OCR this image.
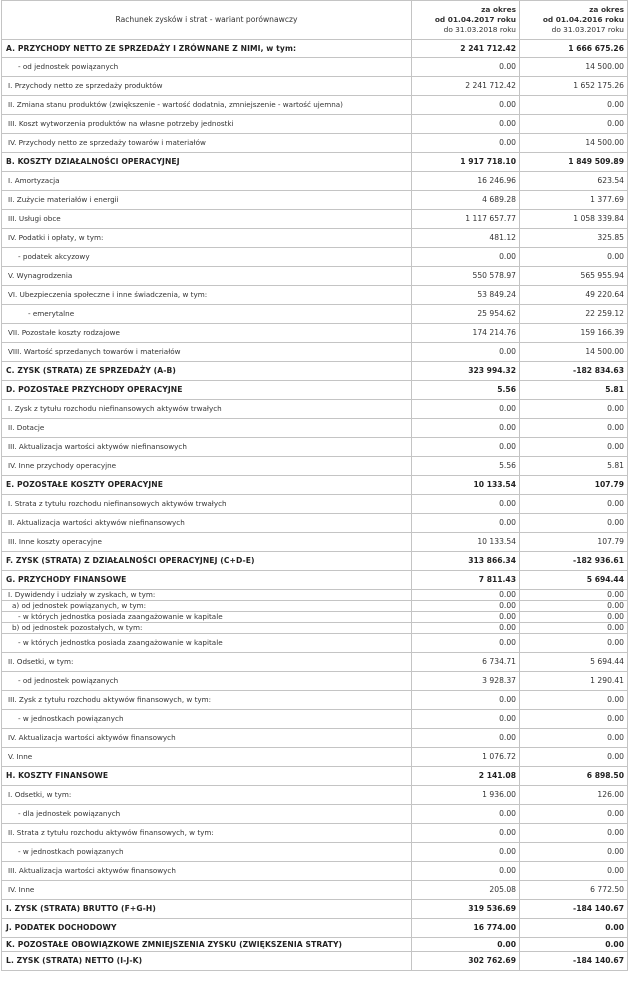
Rachunek zysków i strat - wariant porównawczy	za okres
od 01.04.2017 roku
do 31.03.2018 roku	za okres
od 01.04.2016 roku
do 31.03.2017 roku

A. PRZYCHODY NETTO ZE SPRZEDAŻY I ZRÓWNANE Z NIMI, w tym:	2 241 712.42	1 666 675.26
- od jednostek powiązanych	0.00	14 500.00
I. Przychody netto ze sprzedaży produktów	2 241 712.42	1 652 175.26
II. Zmiana stanu produktów (zwiększenie - wartość dodatnia, zmniejszenie - wartość ujemna)	0.00	0.00
III. Koszt wytworzenia produktów na własne potrzeby jednostki	0.00	0.00
IV. Przychody netto ze sprzedaży towarów i materiałów	0.00	14 500.00
B. KOSZTY DZIAŁALNOŚCI OPERACYJNEJ	1 917 718.10	1 849 509.89
I. Amortyzacja	16 246.96	623.54
II. Zużycie materiałów i energii	4 689.28	1 377.69
III. Usługi obce	1 117 657.77	1 058 339.84
IV. Podatki i opłaty, w tym:	481.12	325.85
- podatek akcyzowy	0.00	0.00
V. Wynagrodzenia	550 578.97	565 955.94
VI. Ubezpieczenia społeczne i inne świadczenia, w tym:	53 849.24	49 220.64
- emerytalne	25 954.62	22 259.12
VII. Pozostałe koszty rodzajowe	174 214.76	159 166.39
VIII. Wartość sprzedanych towarów i materiałów	0.00	14 500.00
C. ZYSK (STRATA) ZE SPRZEDAŻY (A-B)	323 994.32	-182 834.63
D. POZOSTAŁE PRZYCHODY OPERACYJNE	5.56	5.81
I. Zysk z tytułu rozchodu niefinansowych aktywów trwałych	0.00	0.00
II. Dotacje	0.00	0.00
III. Aktualizacja wartości aktywów niefinansowych	0.00	0.00
IV. Inne przychody operacyjne	5.56	5.81
E. POZOSTAŁE KOSZTY OPERACYJNE	10 133.54	107.79
I. Strata z tytułu rozchodu niefinansowych aktywów trwałych	0.00	0.00
II. Aktualizacja wartości aktywów niefinansowych	0.00	0.00
III. Inne koszty operacyjne	10 133.54	107.79
F. ZYSK (STRATA) Z DZIAŁALNOŚCI OPERACYJNEJ (C+D-E)	313 866.34	-182 936.61
G. PRZYCHODY FINANSOWE	7 811.43	5 694.44
I. Dywidendy i udziały w zyskach, w tym:	0.00	0.00
a) od jednostek powiązanych, w tym:	0.00	0.00
- w których jednostka posiada zaangażowanie w kapitale	0.00	0.00
b) od jednostek pozostałych, w tym:	0.00	0.00
- w których jednostka posiada zaangażowanie w kapitale	0.00	0.00
II. Odsetki, w tym:	6 734.71	5 694.44
- od jednostek powiązanych	3 928.37	1 290.41
III. Zysk z tytułu rozchodu aktywów finansowych, w tym:	0.00	0.00
- w jednostkach powiązanych	0.00	0.00
IV. Aktualizacja wartości aktywów finansowych	0.00	0.00
V. Inne	1 076.72	0.00
H. KOSZTY FINANSOWE	2 141.08	6 898.50
I. Odsetki, w tym:	1 936.00	126.00
- dla jednostek powiązanych	0.00	0.00
II. Strata z tytułu rozchodu aktywów finansowych, w tym:	0.00	0.00
- w jednostkach powiązanych	0.00	0.00
III. Aktualizacja wartości aktywów finansowych	0.00	0.00
IV. Inne	205.08	6 772.50
I. ZYSK (STRATA) BRUTTO (F+G-H)	319 536.69	-184 140.67
J. PODATEK DOCHODOWY	16 774.00	0.00
K. POZOSTAŁE OBOWIĄZKOWE ZMNIEJSZENIA ZYSKU (ZWIĘKSZENIA STRATY)	0.00	0.00
L. ZYSK (STRATA) NETTO (I-J-K)	302 762.69	-184 140.67
